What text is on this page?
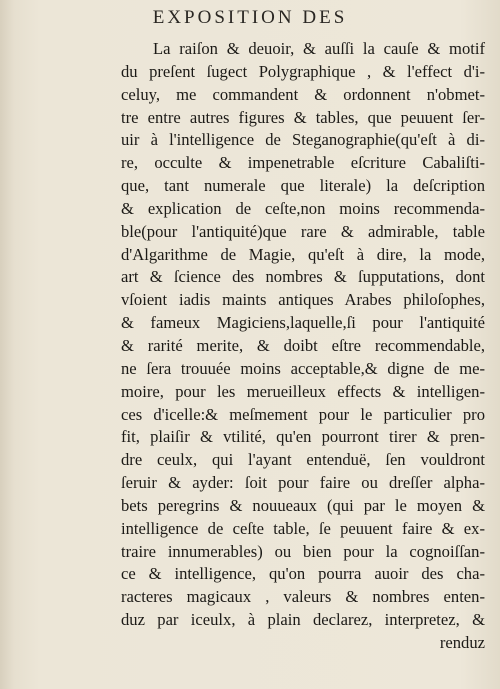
EXPOSITION DES
La raiſon & deuoir, & auſſi la cauſe & motif
du preſent ſugect Polygraphique , & l'effect d'i-
celuy, me commandent & ordonnent n'obmet-
tre entre autres figures & tables, que peuuent ſer-
uir à l'intelligence de Steganographie(qu'eſt à di-
re, occulte & impenetrable eſcriture Cabaliſti-
que, tant numerale que literale) la deſcription
& explication de ceſte,non moins recommenda-
ble(pour l'antiquité)que rare & admirable, table
d'Algarithme de Magie, qu'eſt à dire, la mode,
art & ſcience des nombres & ſupputations, dont
vſoient iadis maints antiques Arabes philoſophes,
& fameux Magiciens,laquelle,ſi pour l'antiquité
& rarité merite, & doibt eſtre recommendable,
ne ſera trouuée moins acceptable,& digne de me-
moire, pour les merueilleux effects & intelligen-
ces d'icelle:& meſmement pour le particulier pro
fit, plaiſir & vtilité, qu'en pourront tirer & pren-
dre ceulx, qui l'ayant entenduë, ſen vouldront
ſeruir & ayder: ſoit pour faire ou dreſſer alpha-
bets peregrins & nouueaux (qui par le moyen &
intelligence de ceſte table, ſe peuuent faire & ex-
traire innumerables) ou bien pour la cognoiſſan-
ce & intelligence, qu'on pourra auoir des cha-
racteres magicaux , valeurs & nombres enten-
duz par iceulx, à plain declarez, interpretez, &
renduz
